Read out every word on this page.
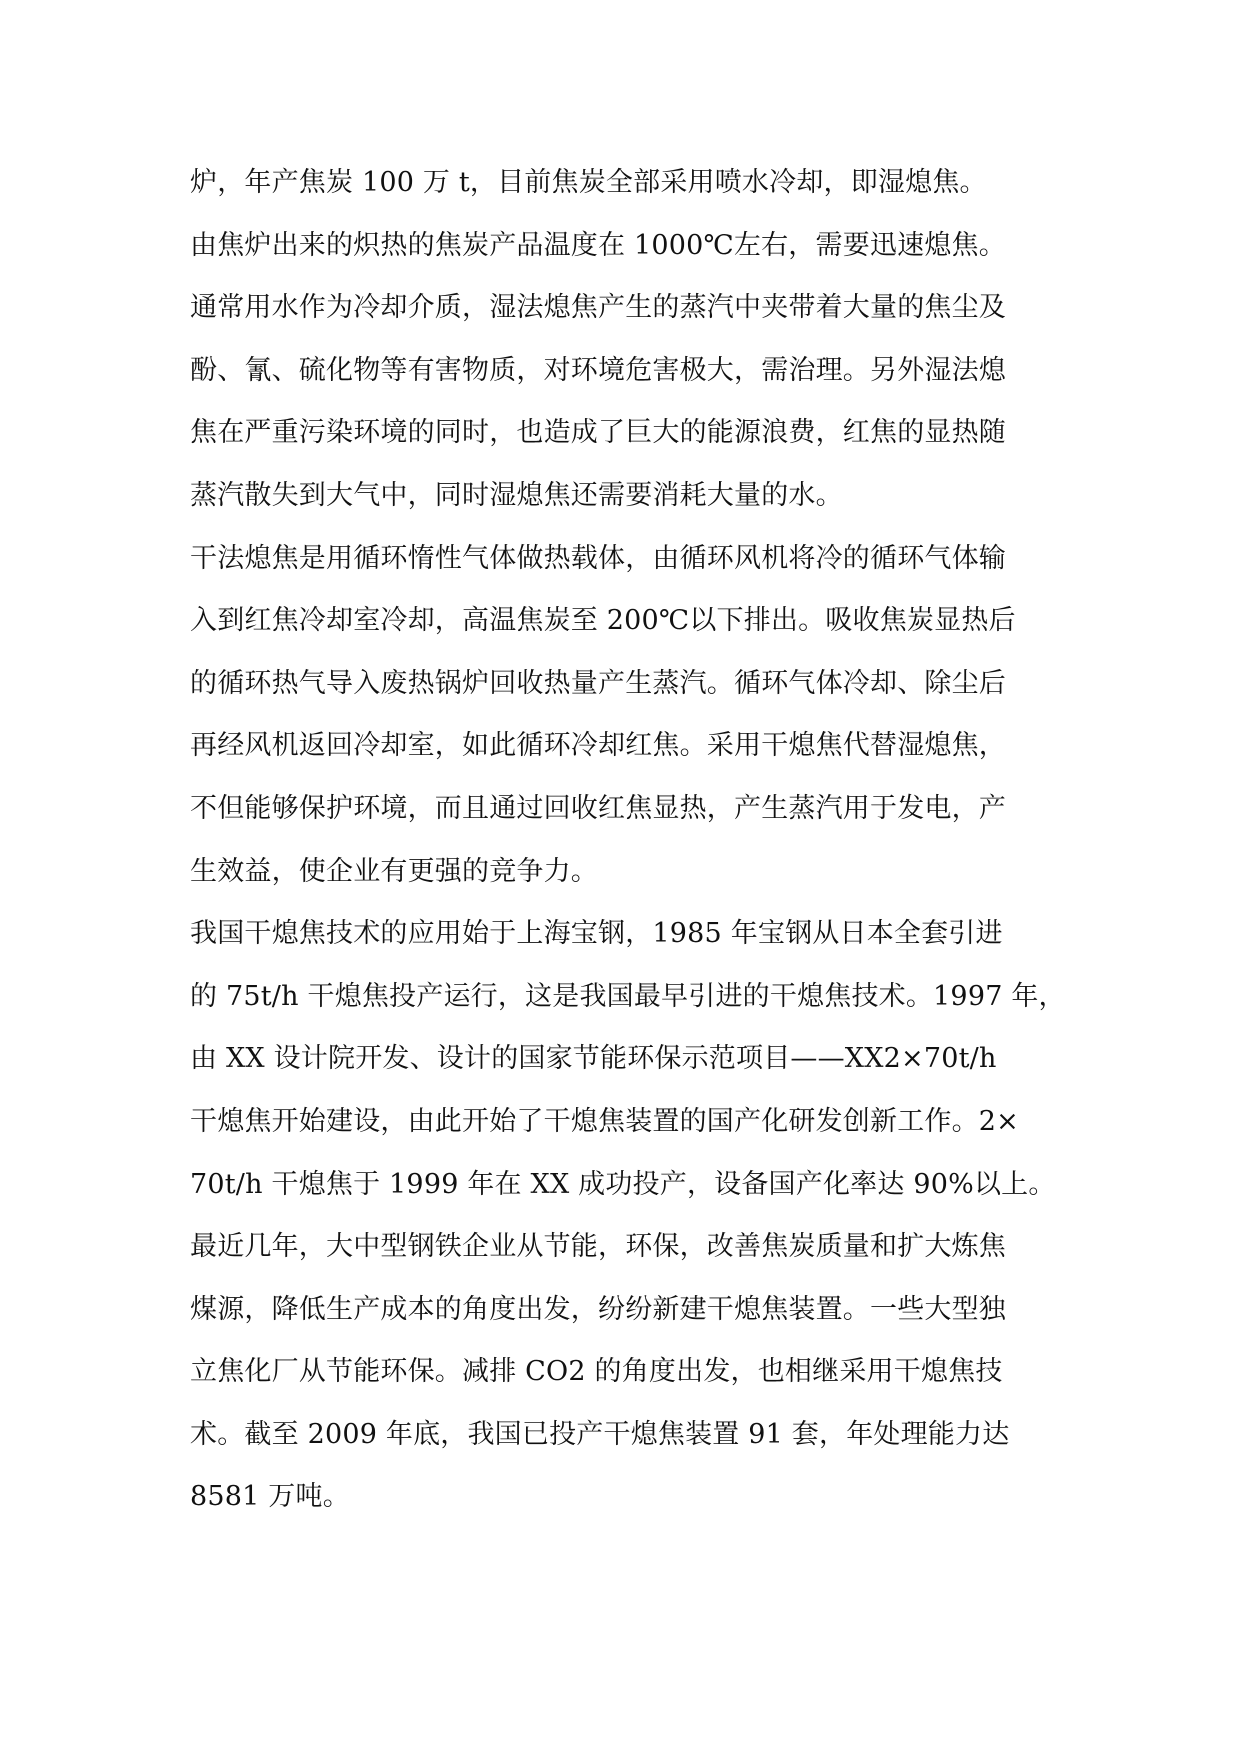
炉，年产焦炭 100 万 t，目前焦炭全部采用喷水冷却，即湿熄焦。
由焦炉出来的炽热的焦炭产品温度在 1000℃左右，需要迅速熄焦。
通常用水作为冷却介质，湿法熄焦产生的蒸汽中夹带着大量的焦尘及
酚、氰、硫化物等有害物质，对环境危害极大，需治理。另外湿法熄
焦在严重污染环境的同时，也造成了巨大的能源浪费，红焦的显热随
蒸汽散失到大气中，同时湿熄焦还需要消耗大量的水。
干法熄焦是用循环惰性气体做热载体，由循环风机将冷的循环气体输
入到红焦冷却室冷却，高温焦炭至 200℃以下排出。吸收焦炭显热后
的循环热气导入废热锅炉回收热量产生蒸汽。循环气体冷却、除尘后
再经风机返回冷却室，如此循环冷却红焦。采用干熄焦代替湿熄焦，
不但能够保护环境，而且通过回收红焦显热，产生蒸汽用于发电，产
生效益，使企业有更强的竞争力。
我国干熄焦技术的应用始于上海宝钢，1985 年宝钢从日本全套引进
的 75t/h 干熄焦投产运行，这是我国最早引进的干熄焦技术。1997 年，
由 XX 设计院开发、设计的国家节能环保示范项目——XX2×70t/h
干熄焦开始建设，由此开始了干熄焦装置的国产化研发创新工作。2×
70t/h 干熄焦于 1999 年在 XX 成功投产，设备国产化率达 90%以上。
最近几年，大中型钢铁企业从节能，环保，改善焦炭质量和扩大炼焦
煤源，降低生产成本的角度出发，纷纷新建干熄焦装置。一些大型独
立焦化厂从节能环保。减排 CO2 的角度出发，也相继采用干熄焦技
术。截至 2009 年底，我国已投产干熄焦装置 91 套，年处理能力达
8581 万吨。
